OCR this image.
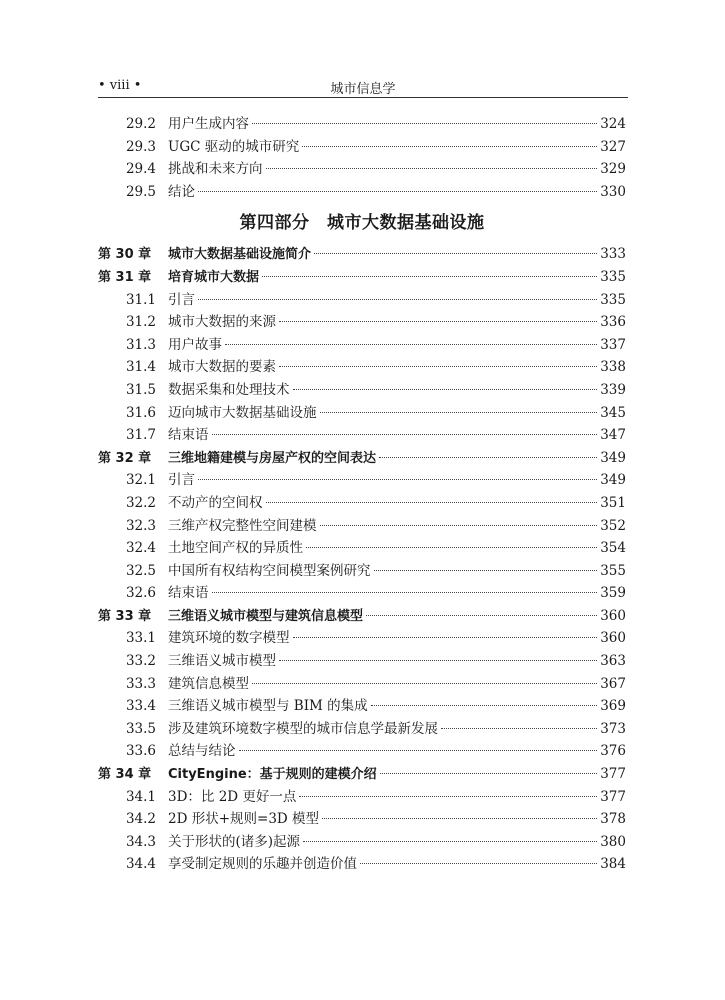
• viii •	城市信息学
29.2 用户生成内容	324
29.3 UGC 驱动的城市研究	327
29.4 挑战和未来方向	329
29.5 结论	330
第四部分　城市大数据基础设施
第 30 章	城市大数据基础设施简介	333
第 31 章	培育城市大数据	335
31.1 引言	335
31.2 城市大数据的来源	336
31.3 用户故事	337
31.4 城市大数据的要素	338
31.5 数据采集和处理技术	339
31.6 迈向城市大数据基础设施	345
31.7 结束语	347
第 32 章	三维地籍建模与房屋产权的空间表达	349
32.1 引言	349
32.2 不动产的空间权	351
32.3 三维产权完整性空间建模	352
32.4 土地空间产权的异质性	354
32.5 中国所有权结构空间模型案例研究	355
32.6 结束语	359
第 33 章	三维语义城市模型与建筑信息模型	360
33.1 建筑环境的数字模型	360
33.2 三维语义城市模型	363
33.3 建筑信息模型	367
33.4 三维语义城市模型与 BIM 的集成	369
33.5 涉及建筑环境数字模型的城市信息学最新发展	373
33.6 总结与结论	376
第 34 章	CityEngine：基于规则的建模介绍	377
34.1 3D：比 2D 更好一点	377
34.2 2D 形状+规则=3D 模型	378
34.3 关于形状的(诸多)起源	380
34.4 享受制定规则的乐趣并创造价值	384
